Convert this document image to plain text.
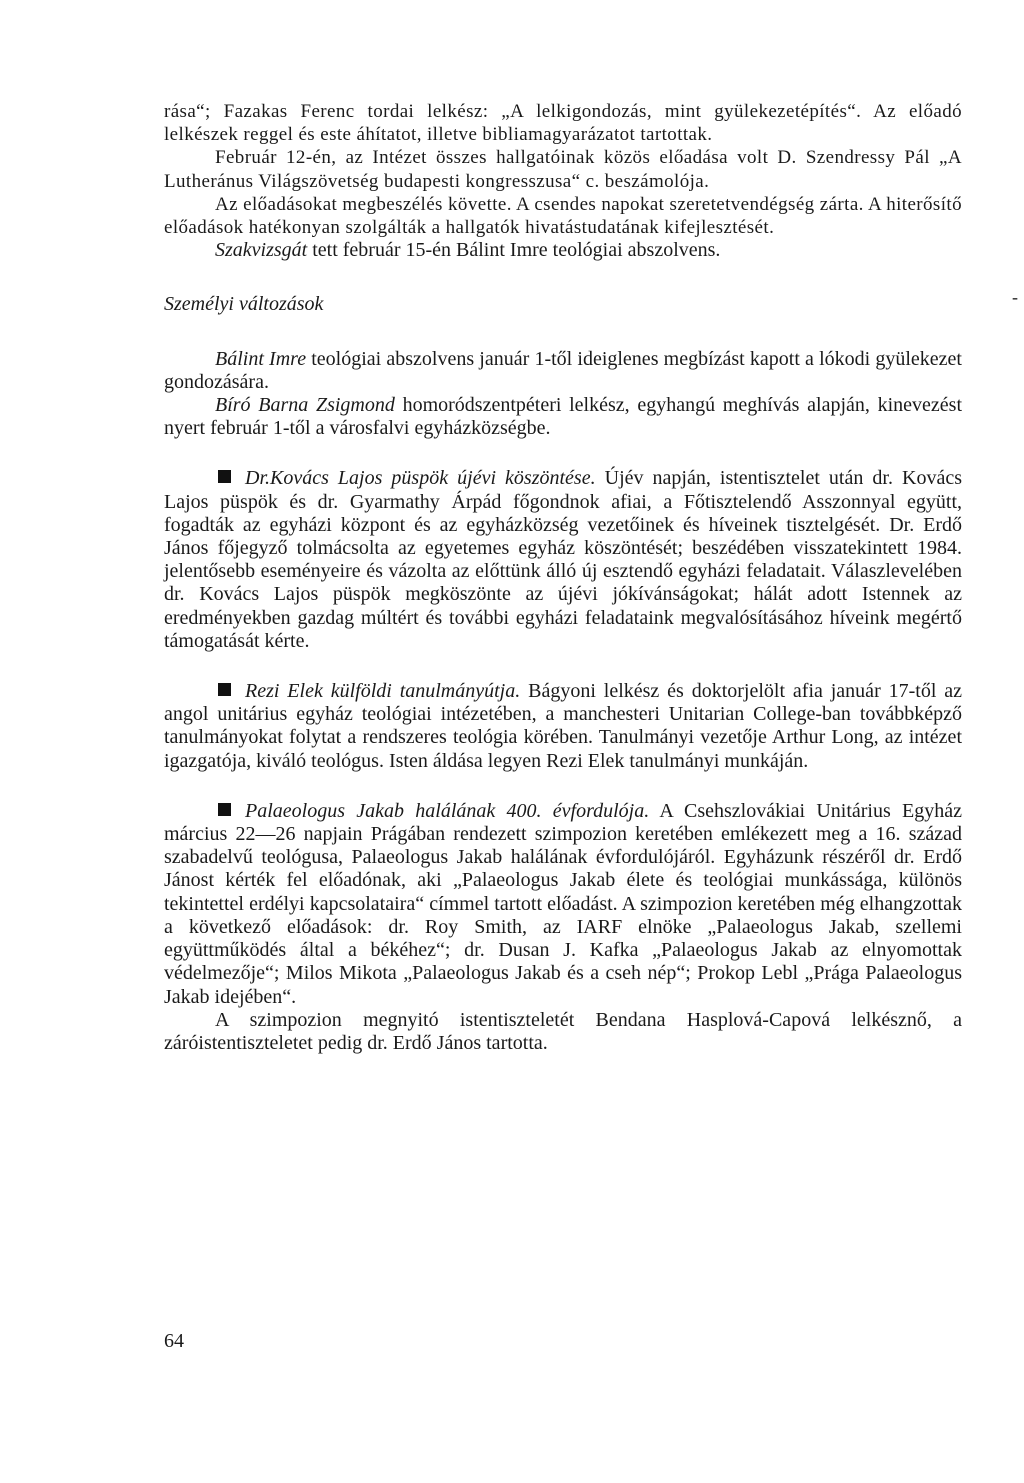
-

rása“; Fazakas Ferenc tordai lelkész: „A lelkigondozás, mint gyülekezetépítés“. Az előadó lelkészek reggel és este áhítatot, illetve bibliamagyarázatot tartottak.

Február 12-én, az Intézet összes hallgatóinak közös előadása volt D. Szendressy Pál „A Lutheránus Világszövetség budapesti kongresszusa“ c. beszámolója.

Az előadásokat megbeszélés követte. A csendes napokat szeretetvendégség zárta. A hiterősítő előadások hatékonyan szolgálták a hallgatók hivatástudatának kifejlesztését.

Szakvizsgát tett február 15-én Bálint Imre teológiai abszolvens.

Személyi változások

Bálint Imre teológiai abszolvens január 1-től ideiglenes megbízást kapott a lókodi gyülekezet gondozására.

Bíró Barna Zsigmond homoródszentpéteri lelkész, egyhangú meghívás alapján, kinevezést nyert február 1-től a városfalvi egyházközségbe.

Dr.Kovács Lajos püspök újévi köszöntése. Újév napján, istentisztelet után dr. Kovács Lajos püspök és dr. Gyarmathy Árpád főgondnok afiai, a Főtisztelendő Asszonnyal együtt, fogadták az egyházi központ és az egyházközség vezetőinek és híveinek tisztelgését. Dr. Erdő János főjegyző tolmácsolta az egyetemes egyház köszöntését; beszédében visszatekintett 1984. jelentősebb eseményeire és vázolta az előttünk álló új esztendő egyházi feladatait. Válaszlevelében dr. Kovács Lajos püspök megköszönte az újévi jókívánságokat; hálát adott Istennek az eredményekben gazdag múltért és további egyházi feladataink megvalósításához híveink megértő támogatását kérte.

Rezi Elek külföldi tanulmányútja. Bágyoni lelkész és doktorjelölt afia január 17-től az angol unitárius egyház teológiai intézetében, a manchesteri Unitarian College-ban továbbképző tanulmányokat folytat a rendszeres teológia körében. Tanulmányi vezetője Arthur Long, az intézet igazgatója, kiváló teológus. Isten áldása legyen Rezi Elek tanulmányi munkáján.

Palaeologus Jakab halálának 400. évfordulója. A Csehszlovákiai Unitárius Egyház március 22—26 napjain Prágában rendezett szimpozion keretében emlékezett meg a 16. század szabadelvű teológusa, Palaeologus Jakab halálának évfordulójáról. Egyházunk részéről dr. Erdő Jánost kérték fel előadónak, aki „Palaeologus Jakab élete és teológiai munkássága, különös tekintettel erdélyi kapcsolataira“ címmel tartott előadást. A szimpozion keretében még elhangzottak a következő előadások: dr. Roy Smith, az IARF elnöke „Palaeologus Jakab, szellemi együttműködés által a békéhez“; dr. Dusan J. Kafka „Palaeologus Jakab az elnyomottak védelmezője“; Milos Mikota „Palaeologus Jakab és a cseh nép“; Prokop Lebl „Prága Palaeologus Jakab idejében“.

A szimpozion megnyitó istentiszteletét Bendana Hasplová-Capová lelkésznő, a záróistentiszteletet pedig dr. Erdő János tartotta.

64
